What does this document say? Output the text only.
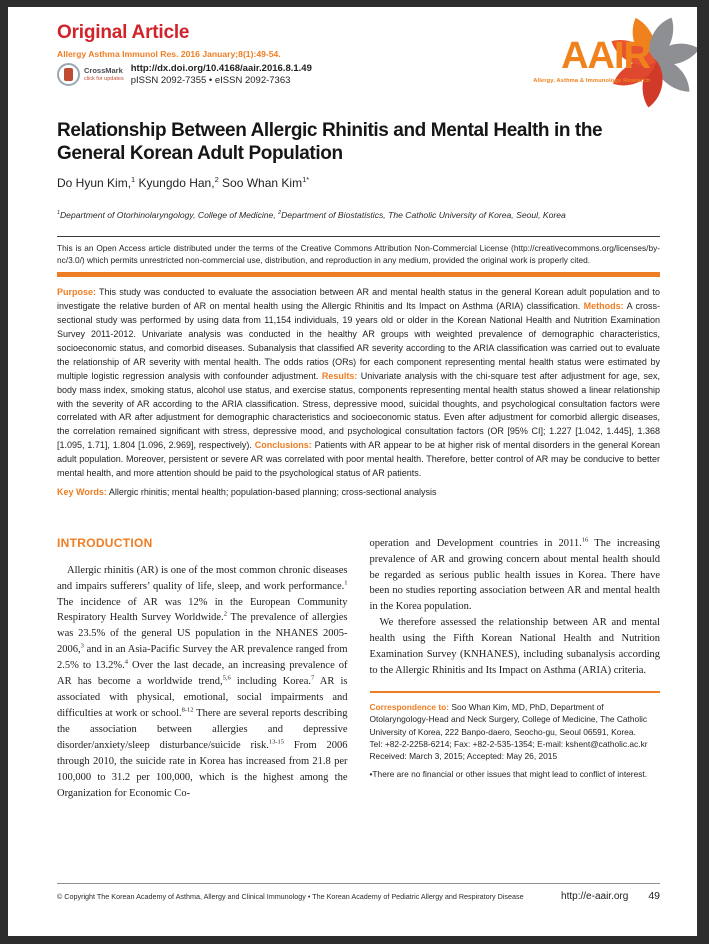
Original Article
Allergy Asthma Immunol Res. 2016 January;8(1):49-54.
CrossMark
click for updates
http://dx.doi.org/10.4168/aair.2016.8.1.49
pISSN 2092-7355 • eISSN 2092-7363
AAIR
Allergy, Asthma & Immunology Research
Relationship Between Allergic Rhinitis and Mental Health in the
General Korean Adult Population
Do Hyun Kim,$^1$ Kyungdo Han,$^2$ Soo Whan Kim$^{1*}$
$^1$Department of Otorhinolaryngology, College of Medicine, $^2$Department of Biostatistics, The Catholic University of Korea, Seoul, Korea
This is an Open Access article distributed under the terms of the Creative Commons Attribution Non-Commercial License (http://creativecommons.org/licenses/by-nc/3.0/) which permits unrestricted non-commercial use, distribution, and reproduction in any medium, provided the original work is properly cited.
Purpose: This study was conducted to evaluate the association between AR and mental health status in the general Korean adult population and to investigate the relative burden of AR on mental health using the Allergic Rhinitis and Its Impact on Asthma (ARIA) classification. Methods: A cross-sectional study was performed by using data from 11,154 individuals, 19 years old or older in the Korean National Health and Nutrition Examination Survey 2011-2012. Univariate analysis was conducted in the healthy AR groups with weighted prevalence of demographic characteristics, socioeconomic status, and comorbid diseases. Subanalysis that classified AR severity according to the ARIA classification was carried out to evaluate the relationship of AR severity with mental health. The odds ratios (ORs) for each component representing mental health status were estimated by multiple logistic regression analysis with confounder adjustment. Results: Univariate analysis with the chi-square test after adjustment for age, sex, body mass index, smoking status, alcohol use status, and exercise status, components representing mental health status showed a linear relationship with the severity of AR according to the ARIA classification. Stress, depressive mood, suicidal thoughts, and psychological consultation factors were correlated with AR after adjustment for demographic characteristics and socioeconomic status. Even after adjustment for comorbid allergic diseases, the correlation remained significant with stress, depressive mood, and psychological consultation factors (OR [95% CI]; 1.227 [1.042, 1.445], 1.368 [1.095, 1.71], 1.804 [1.096, 2.969], respectively). Conclusions: Patients with AR appear to be at higher risk of mental disorders in the general Korean adult population. Moreover, persistent or severe AR was correlated with poor mental health. Therefore, better control of AR may be conducive to better mental health, and more attention should be paid to the psychological status of AR patients.
Key Words: Allergic rhinitis; mental health; population-based planning; cross-sectional analysis
INTRODUCTION

Allergic rhinitis (AR) is one of the most common chronic diseases and impairs sufferers’ quality of life, sleep, and work performance.$^1$ The incidence of AR was 12% in the European Community Respiratory Health Survey Worldwide.$^2$ The prevalence of allergies was 23.5% of the general US population in the NHANES 2005-2006,$^3$ and in an Asia-Pacific Survey the AR prevalence ranged from 2.5% to 13.2%.$^4$ Over the last decade, an increasing prevalence of AR has become a worldwide trend,$^{5,6}$ including Korea.$^7$ AR is associated with physical, emotional, social impairments and difficulties at work or school.$^{8-12}$ There are several reports describing the association between allergies and depressive disorder/anxiety/sleep disturbance/suicide risk.$^{13-15}$ From 2006 through 2010, the suicide rate in Korea has increased from 21.8 per 100,000 to 31.2 per 100,000, which is the highest among the Organization for Economic Co-

operation and Development countries in 2011.16 The increasing prevalence of AR and growing concern about mental health should be regarded as serious public health issues in Korea. There have been no studies reporting association between AR and mental health in the Korea population.

We therefore assessed the relationship between AR and mental health using the Fifth Korean National Health and Nutrition Examination Survey (KNHANES), including subanalysis according to the Allergic Rhinitis and Its Impact on Asthma (ARIA) criteria.

Correspondence to: Soo Whan Kim, MD, PhD, Department of Otolaryngology-Head and Neck Surgery, College of Medicine, The Catholic University of Korea, 222 Banpo-daero, Seocho-gu, Seoul 06591, Korea.
Tel: +82-2-2258-6214; Fax: +82-2-535-1354; E-mail: kshent@catholic.ac.kr
Received: March 3, 2015; Accepted: May 26, 2015
•There are no financial or other issues that might lead to conflict of interest.
© Copyright The Korean Academy of Asthma, Allergy and Clinical Immunology • The Korean Academy of Pediatric Allergy and Respiratory Disease	http://e-aair.org 49
